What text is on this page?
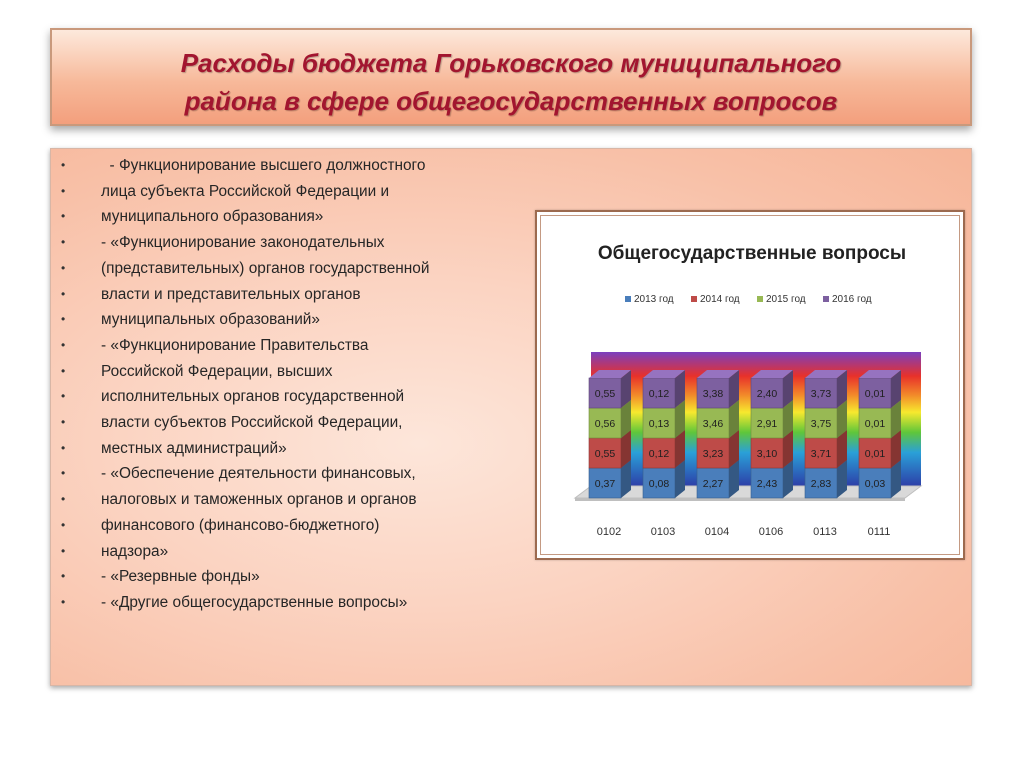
Расходы бюджета Горьковского муниципального
района в сфере общегосударственных вопросов
• - Функционирование высшего должностного
• лица субъекта Российской Федерации и
• муниципального образования»
• - «Функционирование законодательных
• (представительных) органов государственной
• власти и представительных органов
• муниципальных образований»
• - «Функционирование Правительства
• Российской Федерации, высших
• исполнительных органов государственной
• власти субъектов Российской Федерации,
• местных администраций»
• - «Обеспечение деятельности финансовых,
• налоговых и таможенных органов и органов
• финансового (финансово-бюджетного)
• надзора»
• - «Резервные фонды»
• - «Другие общегосударственные вопросы»
Общегосударственные вопросы
2013 год	2014 год	2015 год	2016 год
0,37
0,55
0,56
0,55
0102
0,08
0,12
0,13
0,12
0103
2,27
3,23
3,46
3,38
0104
2,43
3,10
2,91
2,40
0106
2,83
3,71
3,75
3,73
0113
0,03
0,01
0,01
0,01
0111
